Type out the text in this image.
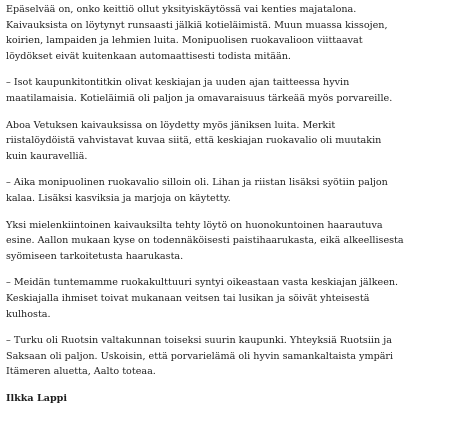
Epäselvää on, onko keittiö ollut yksityiskäytössä vai kenties majatalona.
Kaivauksista on löytynyt runsaasti jälkiä kotieläimistä. Muun muassa kissojen,
koirien, lampaiden ja lehmien luita. Monipuolisen ruokavalioon viittaavat
löydökset eivät kuitenkaan automaattisesti todista mitään.

– Isot kaupunkitontitkin olivat keskiajan ja uuden ajan taitteessa hyvin
maatilamaisia. Kotieläimiä oli paljon ja omavaraisuus tärkeää myös porvareille.

Aboa Vetuksen kaivauksissa on löydetty myös jäniksen luita. Merkit
riistalöydöistä vahvistavat kuvaa siitä, että keskiajan ruokavalio oli muutakin
kuin kauravelliä.

– Aika monipuolinen ruokavalio silloin oli. Lihan ja riistan lisäksi syötiin paljon
kalaa. Lisäksi kasviksia ja marjoja on käytetty.

Yksi mielenkiintoinen kaivauksilta tehty löytö on huonokuntoinen haarautuva
esine. Aallon mukaan kyse on todennäköisesti paistihaarukasta, eikä alkeellisesta
syömiseen tarkoitetusta haarukasta.

– Meidän tuntemamme ruokakulttuuri syntyi oikeastaan vasta keskiajan jälkeen.
Keskiajalla ihmiset toivat mukanaan veitsen tai lusikan ja söivät yhteisestä
kulhosta.

– Turku oli Ruotsin valtakunnan toiseksi suurin kaupunki. Yhteyksiä Ruotsiin ja
Saksaan oli paljon. Uskoisin, että porvarielämä oli hyvin samankaltaista ympäri
Itämeren aluetta, Aalto toteaa.

Ilkka Lappi
